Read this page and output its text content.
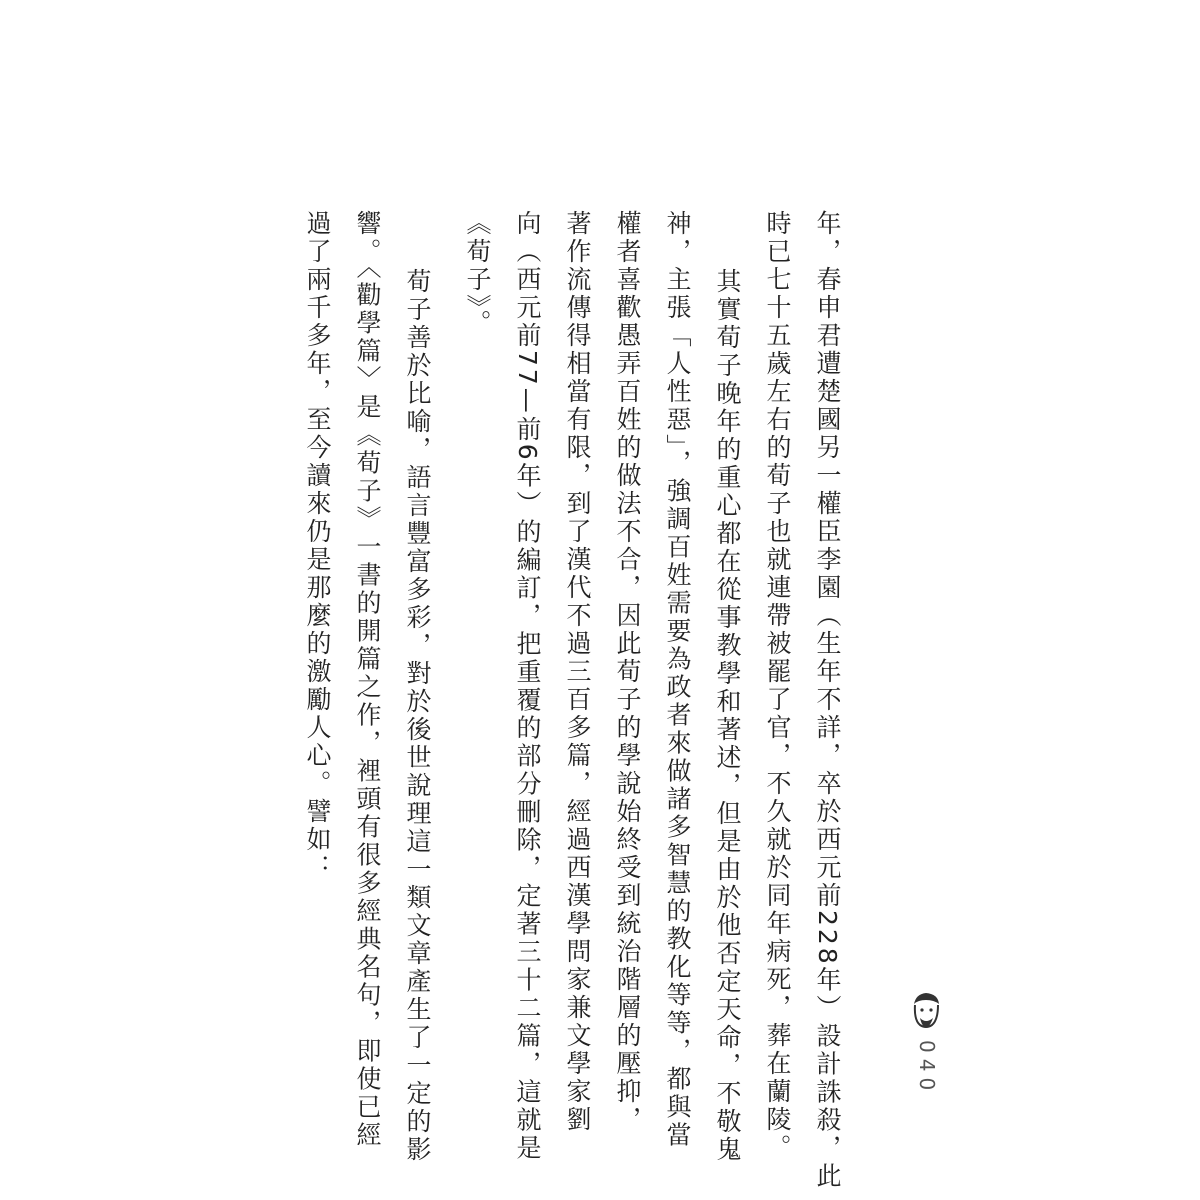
年，春申君遭楚國另一權臣李園（生年不詳，卒於西元前228年）設計誅殺，此
時已七十五歲左右的荀子也就連帶被罷了官，不久就於同年病死，葬在蘭陵。
其實荀子晚年的重心都在從事教學和著述，但是由於他否定天命，不敬鬼
神，主張「人性惡」，強調百姓需要為政者來做諸多智慧的教化等等，都與當
權者喜歡愚弄百姓的做法不合，因此荀子的學說始終受到統治階層的壓抑，
著作流傳得相當有限，到了漢代不過三百多篇，經過西漢學問家兼文學家劉
向（西元前77—前6年）的編訂，把重覆的部分刪除，定著三十二篇，這就是
《荀子》。
荀子善於比喻，語言豐富多彩，對於後世說理這一類文章產生了一定的影
響。〈勸學篇〉是《荀子》一書的開篇之作，裡頭有很多經典名句，即使已經
過了兩千多年，至今讀來仍是那麼的激勵人心。譬如：
040
